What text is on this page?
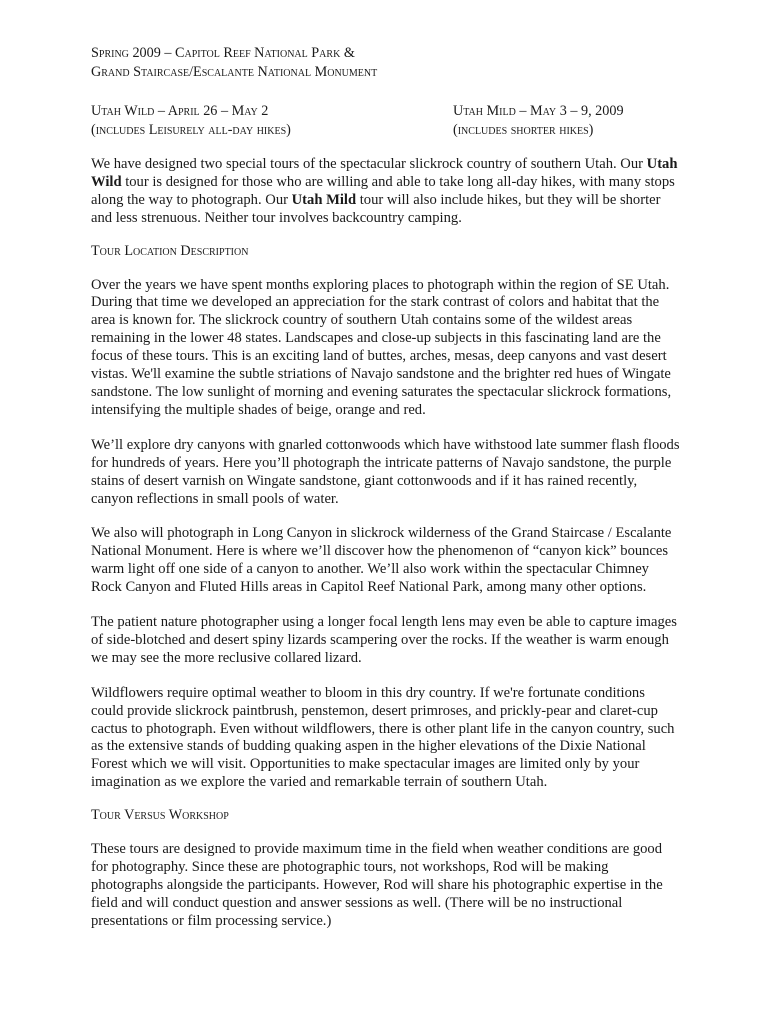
Spring 2009 – Capitol Reef National Park &
Grand Staircase/Escalante National Monument
Utah Wild – April 26 – May 2
(includes Leisurely all-day hikes)
Utah Mild – May 3 – 9, 2009
(includes shorter hikes)

We have designed two special tours of the spectacular slickrock country of southern Utah. Our Utah Wild tour is designed for those who are willing and able to take long all-day hikes, with many stops along the way to photograph. Our Utah Mild tour will also include hikes, but they will be shorter and less strenuous. Neither tour involves backcountry camping.

Tour Location Description

Over the years we have spent months exploring places to photograph within the region of SE Utah. During that time we developed an appreciation for the stark contrast of colors and habitat that the area is known for. The slickrock country of southern Utah contains some of the wildest areas remaining in the lower 48 states. Landscapes and close-up subjects in this fascinating land are the focus of these tours. This is an exciting land of buttes, arches, mesas, deep canyons and vast desert vistas. We'll examine the subtle striations of Navajo sandstone and the brighter red hues of Wingate sandstone. The low sunlight of morning and evening saturates the spectacular slickrock formations, intensifying the multiple shades of beige, orange and red.

We’ll explore dry canyons with gnarled cottonwoods which have withstood late summer flash floods for hundreds of years. Here you’ll photograph the intricate patterns of Navajo sandstone, the purple stains of desert varnish on Wingate sandstone, giant cottonwoods and if it has rained recently, canyon reflections in small pools of water.

We also will photograph in Long Canyon in slickrock wilderness of the Grand Staircase / Escalante National Monument. Here is where we’ll discover how the phenomenon of “canyon kick” bounces warm light off one side of a canyon to another. We’ll also work within the spectacular Chimney Rock Canyon and Fluted Hills areas in Capitol Reef National Park, among many other options.

The patient nature photographer using a longer focal length lens may even be able to capture images of side-blotched and desert spiny lizards scampering over the rocks. If the weather is warm enough we may see the more reclusive collared lizard.

Wildflowers require optimal weather to bloom in this dry country. If we're fortunate conditions could provide slickrock paintbrush, penstemon, desert primroses, and prickly-pear and claret-cup cactus to photograph. Even without wildflowers, there is other plant life in the canyon country, such as the extensive stands of budding quaking aspen in the higher elevations of the Dixie National Forest which we will visit. Opportunities to make spectacular images are limited only by your imagination as we explore the varied and remarkable terrain of southern Utah.

Tour Versus Workshop

These tours are designed to provide maximum time in the field when weather conditions are good for photography. Since these are photographic tours, not workshops, Rod will be making photographs alongside the participants. However, Rod will share his photographic expertise in the field and will conduct question and answer sessions as well. (There will be no instructional presentations or film processing service.)
